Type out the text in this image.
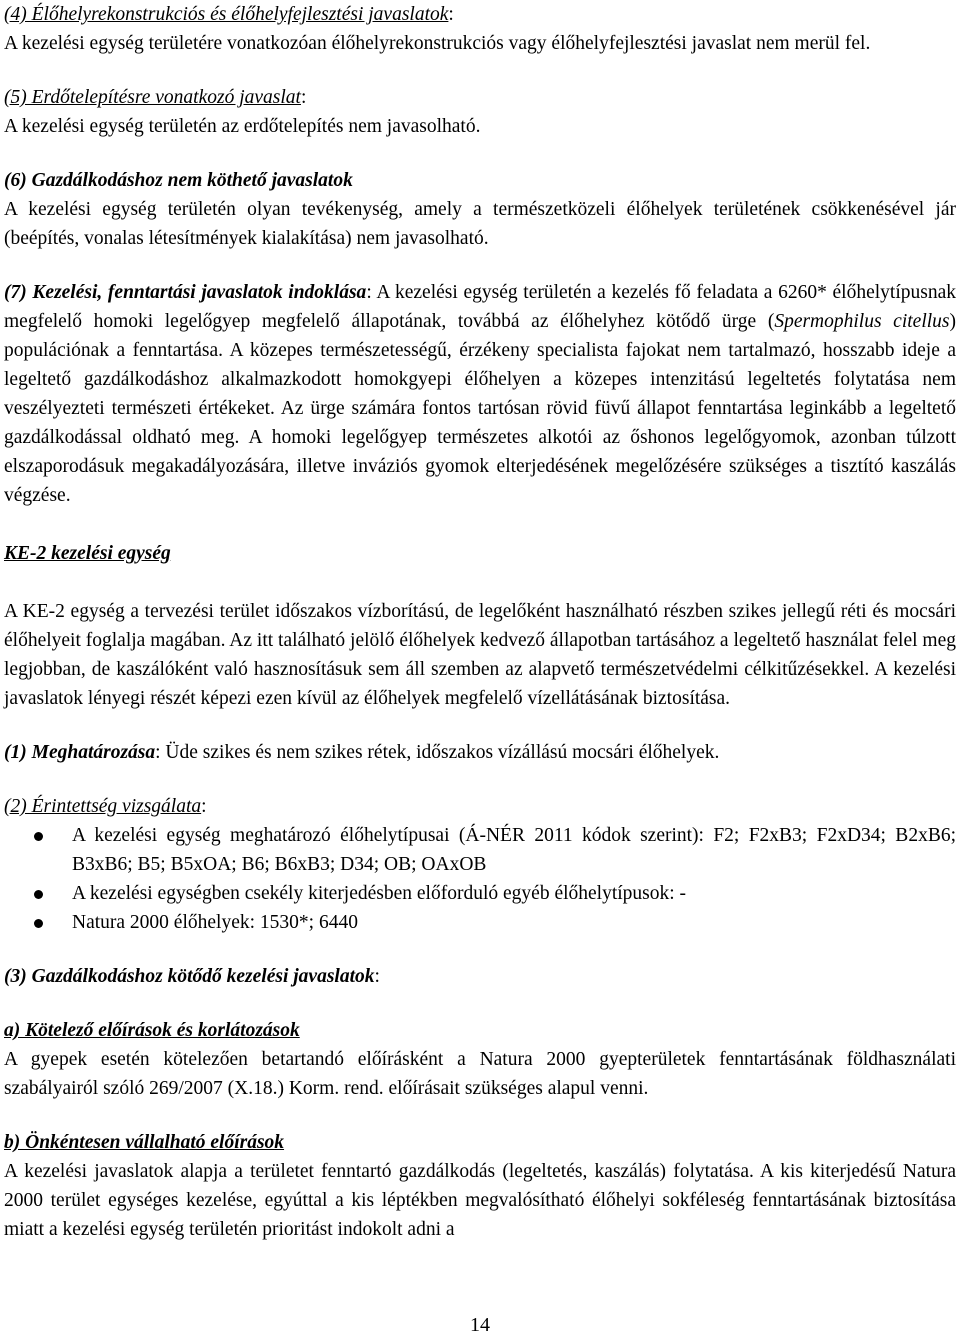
(4) Élőhelyrekonstrukciós és élőhelyfejlesztési javaslatok:
A kezelési egység területére vonatkozóan élőhelyrekonstrukciós vagy élőhelyfejlesztési javaslat nem merül fel.

(5) Erdőtelepítésre vonatkozó javaslat:
A kezelési egység területén az erdőtelepítés nem javasolható.

(6) Gazdálkodáshoz nem köthető javaslatok
A kezelési egység területén olyan tevékenység, amely a természetközeli élőhelyek területének csökkenésével jár (beépítés, vonalas létesítmények kialakítása) nem javasolható.

(7) Kezelési, fenntartási javaslatok indoklása: A kezelési egység területén a kezelés fő feladata a 6260* élőhelytípusnak megfelelő homoki legelőgyep megfelelő állapotának, továbbá az élőhelyhez kötődő ürge (Spermophilus citellus) populációnak a fenntartása. A közepes természetességű, érzékeny specialista fajokat nem tartalmazó, hosszabb ideje a legeltető gazdálkodáshoz alkalmazkodott homokgyepi élőhelyen a közepes intenzitású legeltetés folytatása nem veszélyezteti természeti értékeket. Az ürge számára fontos tartósan rövid füvű állapot fenntartása leginkább a legeltető gazdálkodással oldható meg. A homoki legelőgyep természetes alkotói az őshonos legelőgyomok, azonban túlzott elszaporodásuk megakadályozására, illetve inváziós gyomok elterjedésének megelőzésére szükséges a tisztító kaszálás végzése.

KE-2 kezelési egység

A KE-2 egység a tervezési terület időszakos vízborítású, de legelőként használható részben szikes jellegű réti és mocsári élőhelyeit foglalja magában. Az itt található jelölő élőhelyek kedvező állapotban tartásához a legeltető használat felel meg legjobban, de kaszálóként való hasznosításuk sem áll szemben az alapvető természetvédelmi célkitűzésekkel. A kezelési javaslatok lényegi részét képezi ezen kívül az élőhelyek megfelelő vízellátásának biztosítása.

(1) Meghatározása: Üde szikes és nem szikes rétek, időszakos vízállású mocsári élőhelyek.

(2) Érintettség vizsgálata:

A kezelési egység meghatározó élőhelytípusai (Á-NÉR 2011 kódok szerint): F2; F2xB3; F2xD34; B2xB6; B3xB6; B5; B5xOA; B6; B6xB3; D34; OB; OAxOB
A kezelési egységben csekély kiterjedésben előforduló egyéb élőhelytípusok: -
Natura 2000 élőhelyek: 1530*; 6440

(3) Gazdálkodáshoz kötődő kezelési javaslatok:

a) Kötelező előírások és korlátozások
A gyepek esetén kötelezően betartandó előírásként a Natura 2000 gyepterületek fenntartásának földhasználati szabályairól szóló 269/2007 (X.18.) Korm. rend. előírásait szükséges alapul venni.

b) Önkéntesen vállalható előírások
A kezelési javaslatok alapja a területet fenntartó gazdálkodás (legeltetés, kaszálás) folytatása. A kis kiterjedésű Natura 2000 terület egységes kezelése, egyúttal a kis léptékben megvalósítható élőhelyi sokféleség fenntartásának biztosítása miatt a kezelési egység területén prioritást indokolt adni a

14
